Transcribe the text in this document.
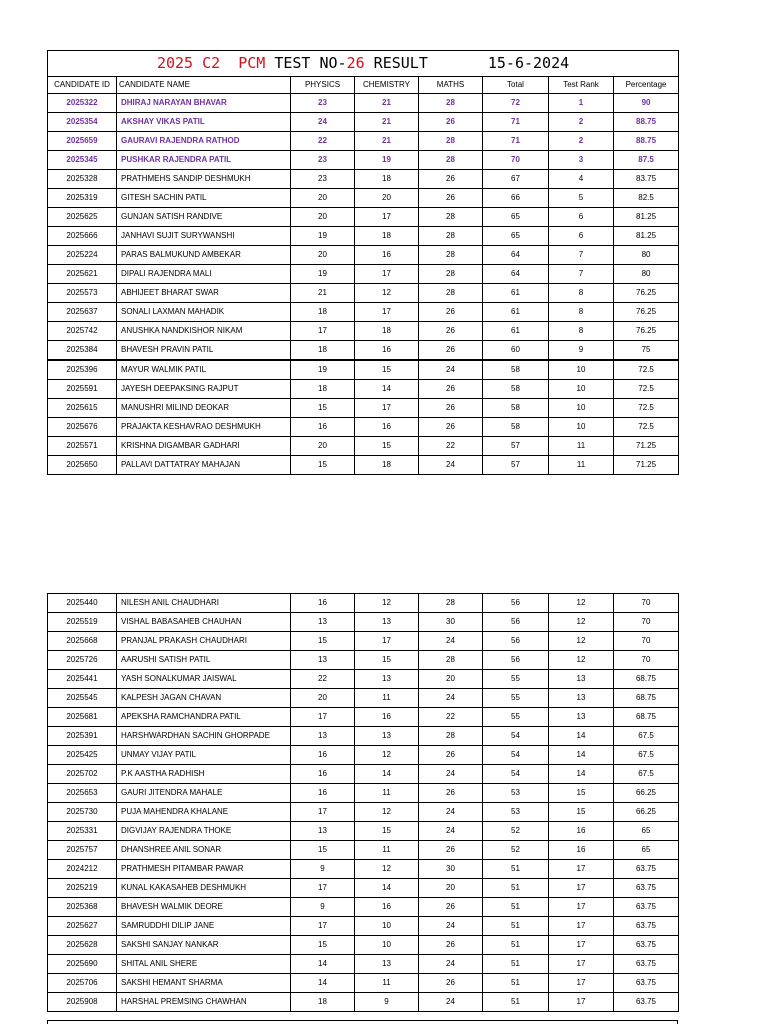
2025 C2 PCM TEST NO-26 RESULT 15-6-2024							
CANDIDATE ID	CANDIDATE NAME	PHYSICS	CHEMISTRY	MATHS	Total	Test Rank	Percentage
2025322	DHIRAJ NARAYAN BHAVAR	23	21	28	72	1	90
2025354	AKSHAY VIKAS PATIL	24	21	26	71	2	88.75
2025659	GAURAVI RAJENDRA RATHOD	22	21	28	71	2	88.75
2025345	PUSHKAR RAJENDRA PATIL	23	19	28	70	3	87.5
2025328	PRATHMEHS SANDIP DESHMUKH	23	18	26	67	4	83.75
2025319	GITESH SACHIN PATIL	20	20	26	66	5	82.5
2025625	GUNJAN SATISH RANDIVE	20	17	28	65	6	81.25
2025666	JANHAVI SUJIT SURYWANSHI	19	18	28	65	6	81.25
2025224	PARAS BALMUKUND AMBEKAR	20	16	28	64	7	80
2025621	DIPALI RAJENDRA MALI	19	17	28	64	7	80
2025573	ABHIJEET BHARAT SWAR	21	12	28	61	8	76.25
2025637	SONALI LAXMAN MAHADIK	18	17	26	61	8	76.25
2025742	ANUSHKA NANDKISHOR NIKAM	17	18	26	61	8	76.25
2025384	BHAVESH PRAVIN PATIL	18	16	26	60	9	75
2025396	MAYUR WALMIK PATIL	19	15	24	58	10	72.5
2025591	JAYESH DEEPAKSING RAJPUT	18	14	26	58	10	72.5
2025615	MANUSHRI MILIND DEOKAR	15	17	26	58	10	72.5
2025676	PRAJAKTA KESHAVRAO DESHMUKH	16	16	26	58	10	72.5
2025571	KRISHNA DIGAMBAR GADHARI	20	15	22	57	11	71.25
2025650	PALLAVI DATTATRAY MAHAJAN	15	18	24	57	11	71.25
2025440	NILESH ANIL CHAUDHARI	16	12	28	56	12	70
2025519	VISHAL BABASAHEB CHAUHAN	13	13	30	56	12	70
2025668	PRANJAL PRAKASH CHAUDHARI	15	17	24	56	12	70
2025726	AARUSHI SATISH PATIL	13	15	28	56	12	70
2025441	YASH SONALKUMAR JAISWAL	22	13	20	55	13	68.75
2025545	KALPESH JAGAN CHAVAN	20	11	24	55	13	68.75
2025681	APEKSHA RAMCHANDRA PATIL	17	16	22	55	13	68.75
2025391	HARSHWARDHAN SACHIN GHORPADE	13	13	28	54	14	67.5
2025425	UNMAY VIJAY PATIL	16	12	26	54	14	67.5
2025702	P.K AASTHA RADHISH	16	14	24	54	14	67.5
2025653	GAURI JITENDRA MAHALE	16	11	26	53	15	66.25
2025730	PUJA MAHENDRA KHALANE	17	12	24	53	15	66.25
2025331	DIGVIJAY RAJENDRA THOKE	13	15	24	52	16	65
2025757	DHANSHREE ANIL SONAR	15	11	26	52	16	65
2024212	PRATHMESH PITAMBAR PAWAR	9	12	30	51	17	63.75
2025219	KUNAL KAKASAHEB DESHMUKH	17	14	20	51	17	63.75
2025368	BHAVESH WALMIK DEORE	9	16	26	51	17	63.75
2025627	SAMRUDDHI DILIP JANE	17	10	24	51	17	63.75
2025628	SAKSHI SANJAY NANKAR	15	10	26	51	17	63.75
2025690	SHITAL ANIL SHERE	14	13	24	51	17	63.75
2025706	SAKSHI HEMANT SHARMA	14	11	26	51	17	63.75
2025908	HARSHAL PREMSING CHAWHAN	18	9	24	51	17	63.75
